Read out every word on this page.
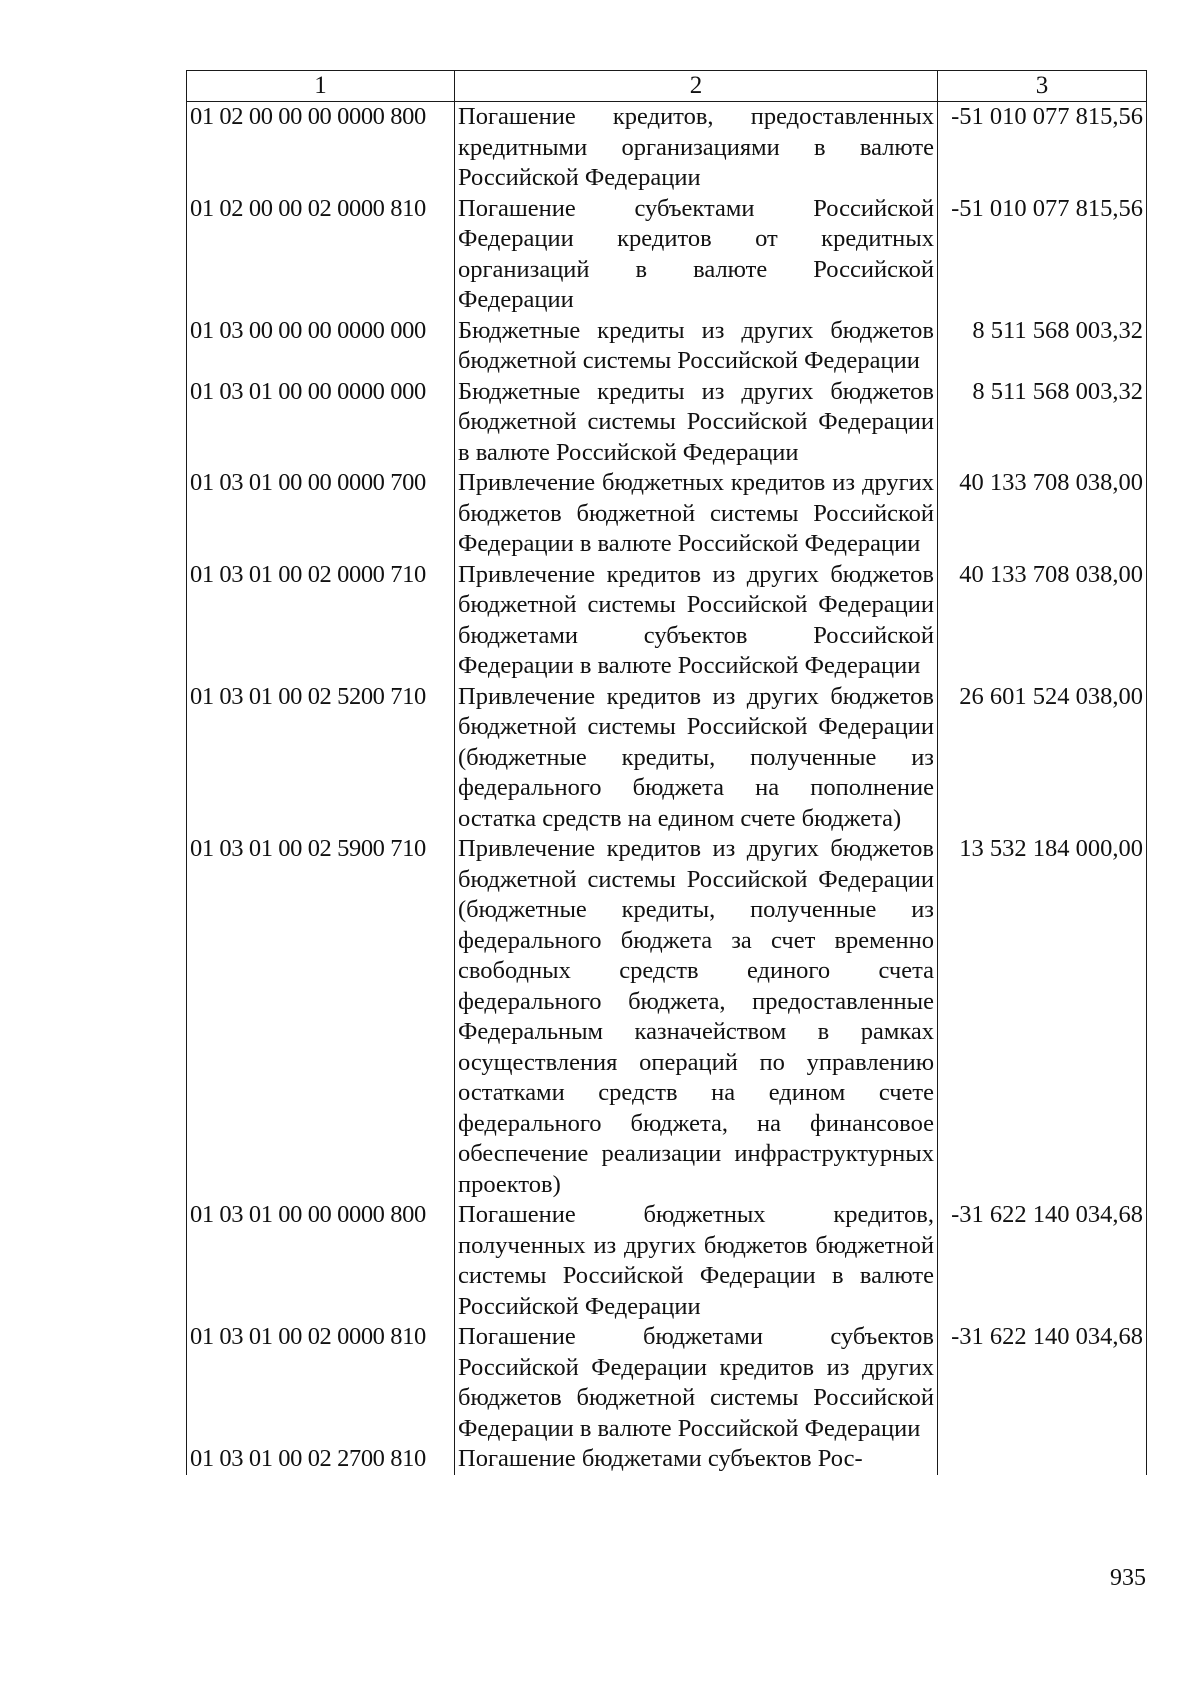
1	2	3
01 02 00 00 00 0000 800	Погашение кредитов, предоставленных кредитными организациями в валюте Российской Федерации	-51 010 077 815,56
01 02 00 00 02 0000 810	Погашение субъектами Российской Федерации кредитов от кредитных организаций в валюте Российской Федерации	-51 010 077 815,56
01 03 00 00 00 0000 000	Бюджетные кредиты из других бюджетов бюджетной системы Российской Федерации	8 511 568 003,32
01 03 01 00 00 0000 000	Бюджетные кредиты из других бюджетов бюджетной системы Российской Федерации в валюте Российской Федерации	8 511 568 003,32
01 03 01 00 00 0000 700	Привлечение бюджетных кредитов из других бюджетов бюджетной системы Российской Федерации в валюте Российской Федерации	40 133 708 038,00
01 03 01 00 02 0000 710	Привлечение кредитов из других бюджетов бюджетной системы Российской Федерации бюджетами субъектов Российской Федерации в валюте Российской Федерации	40 133 708 038,00
01 03 01 00 02 5200 710	Привлечение кредитов из других бюджетов бюджетной системы Российской Федерации (бюджетные кредиты, полученные из федерального бюджета на пополнение остатка средств на едином счете бюджета)	26 601 524 038,00
01 03 01 00 02 5900 710	Привлечение кредитов из других бюджетов бюджетной системы Российской Федерации (бюджетные кредиты, полученные из федерального бюджета за счет временно свободных средств единого счета федерального бюджета, предоставленные Федеральным казначейством в рамках осуществления операций по управлению остатками средств на едином счете федерального бюджета, на финансовое обеспечение реализации инфраструктурных проектов)	13 532 184 000,00
01 03 01 00 00 0000 800	Погашение бюджетных кредитов, полученных из других бюджетов бюджетной системы Российской Федерации в валюте Российской Федерации	-31 622 140 034,68
01 03 01 00 02 0000 810	Погашение бюджетами субъектов Российской Федерации кредитов из других бюджетов бюджетной системы Российской Федерации в валюте Российской Федерации	-31 622 140 034,68
01 03 01 00 02 2700 810	Погашение бюджетами субъектов Рос-	
935
